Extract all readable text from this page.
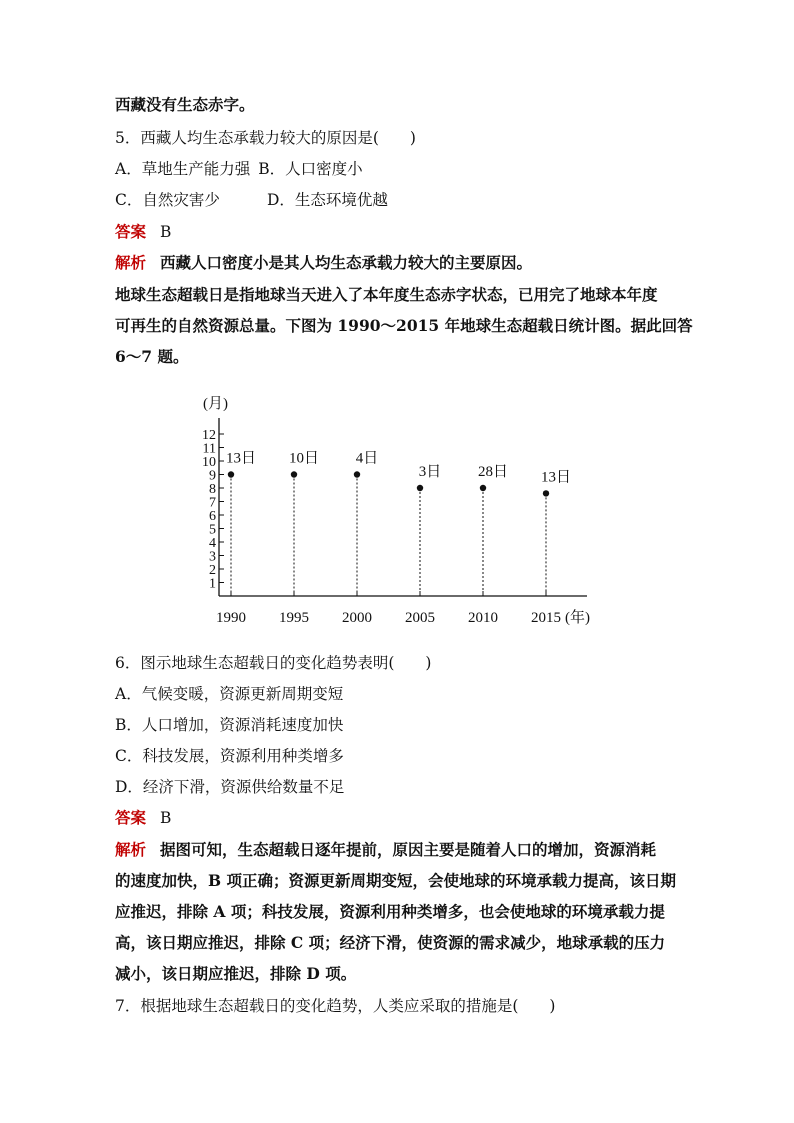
西藏没有生态赤字。
5．西藏人均生态承载力较大的原因是(　　)
A．草地生产能力强 B．人口密度小
C．自然灾害少	D．生态环境优越
答案 B
解析 西藏人口密度小是其人均生态承载力较大的主要原因。
地球生态超载日是指地球当天进入了本年度生态赤字状态，已用完了地球本年度
可再生的自然资源总量。下图为 1990～2015 年地球生态超载日统计图。据此回答
6～7 题。
(月)
1
2
3
4
5
6
7
8
9
10
11
12
1990 1995 2000 2005 2010 2015 (年)
13日 10日 4日
3日 28日 13日
6．图示地球生态超载日的变化趋势表明(　　)
A．气候变暖，资源更新周期变短
B．人口增加，资源消耗速度加快
C．科技发展，资源利用种类增多
D．经济下滑，资源供给数量不足
答案 B
解析 据图可知，生态超载日逐年提前，原因主要是随着人口的增加，资源消耗
的速度加快，B 项正确；资源更新周期变短，会使地球的环境承载力提高，该日期
应推迟，排除 A 项；科技发展，资源利用种类增多，也会使地球的环境承载力提
高，该日期应推迟，排除 C 项；经济下滑，使资源的需求减少，地球承载的压力
减小，该日期应推迟，排除 D 项。
7．根据地球生态超载日的变化趋势，人类应采取的措施是(　　)
